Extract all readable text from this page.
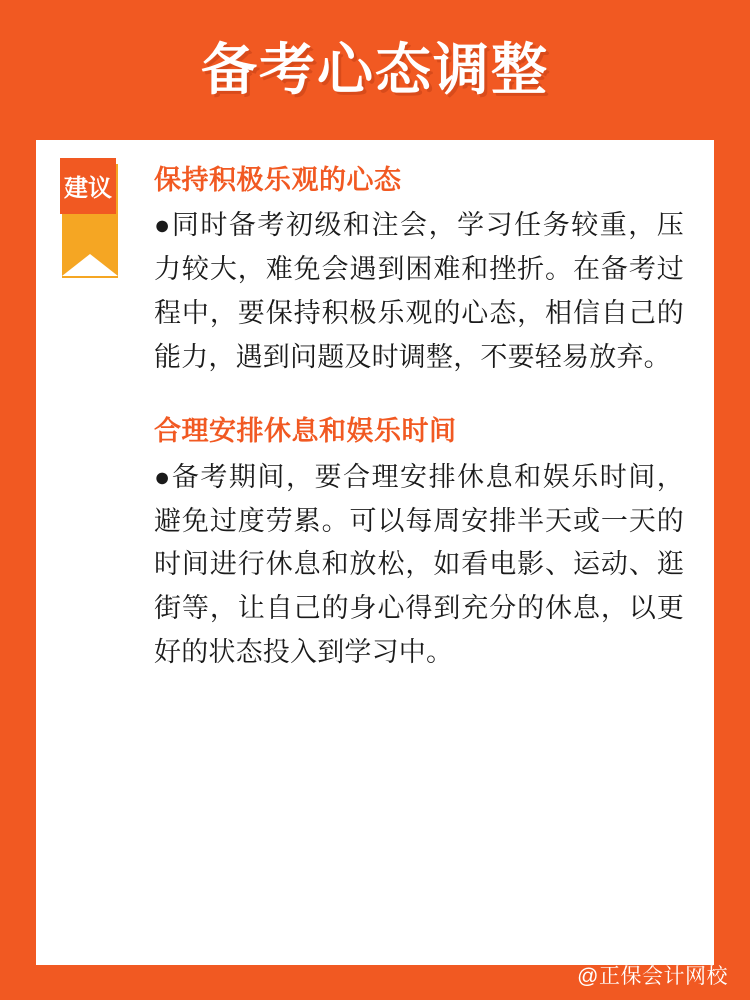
备考心态调整
建议 保持积极乐观的心态
●同时备考初级和注会，学习任务较重，压力较大，难免会遇到困难和挫折。在备考过程中，要保持积极乐观的心态，相信自己的能力，遇到问题及时调整，不要轻易放弃。
合理安排休息和娱乐时间
●备考期间，要合理安排休息和娱乐时间，避免过度劳累。可以每周安排半天或一天的时间进行休息和放松，如看电影、运动、逛街等，让自己的身心得到充分的休息，以更好的状态投入到学习中。
@正保会计网校
